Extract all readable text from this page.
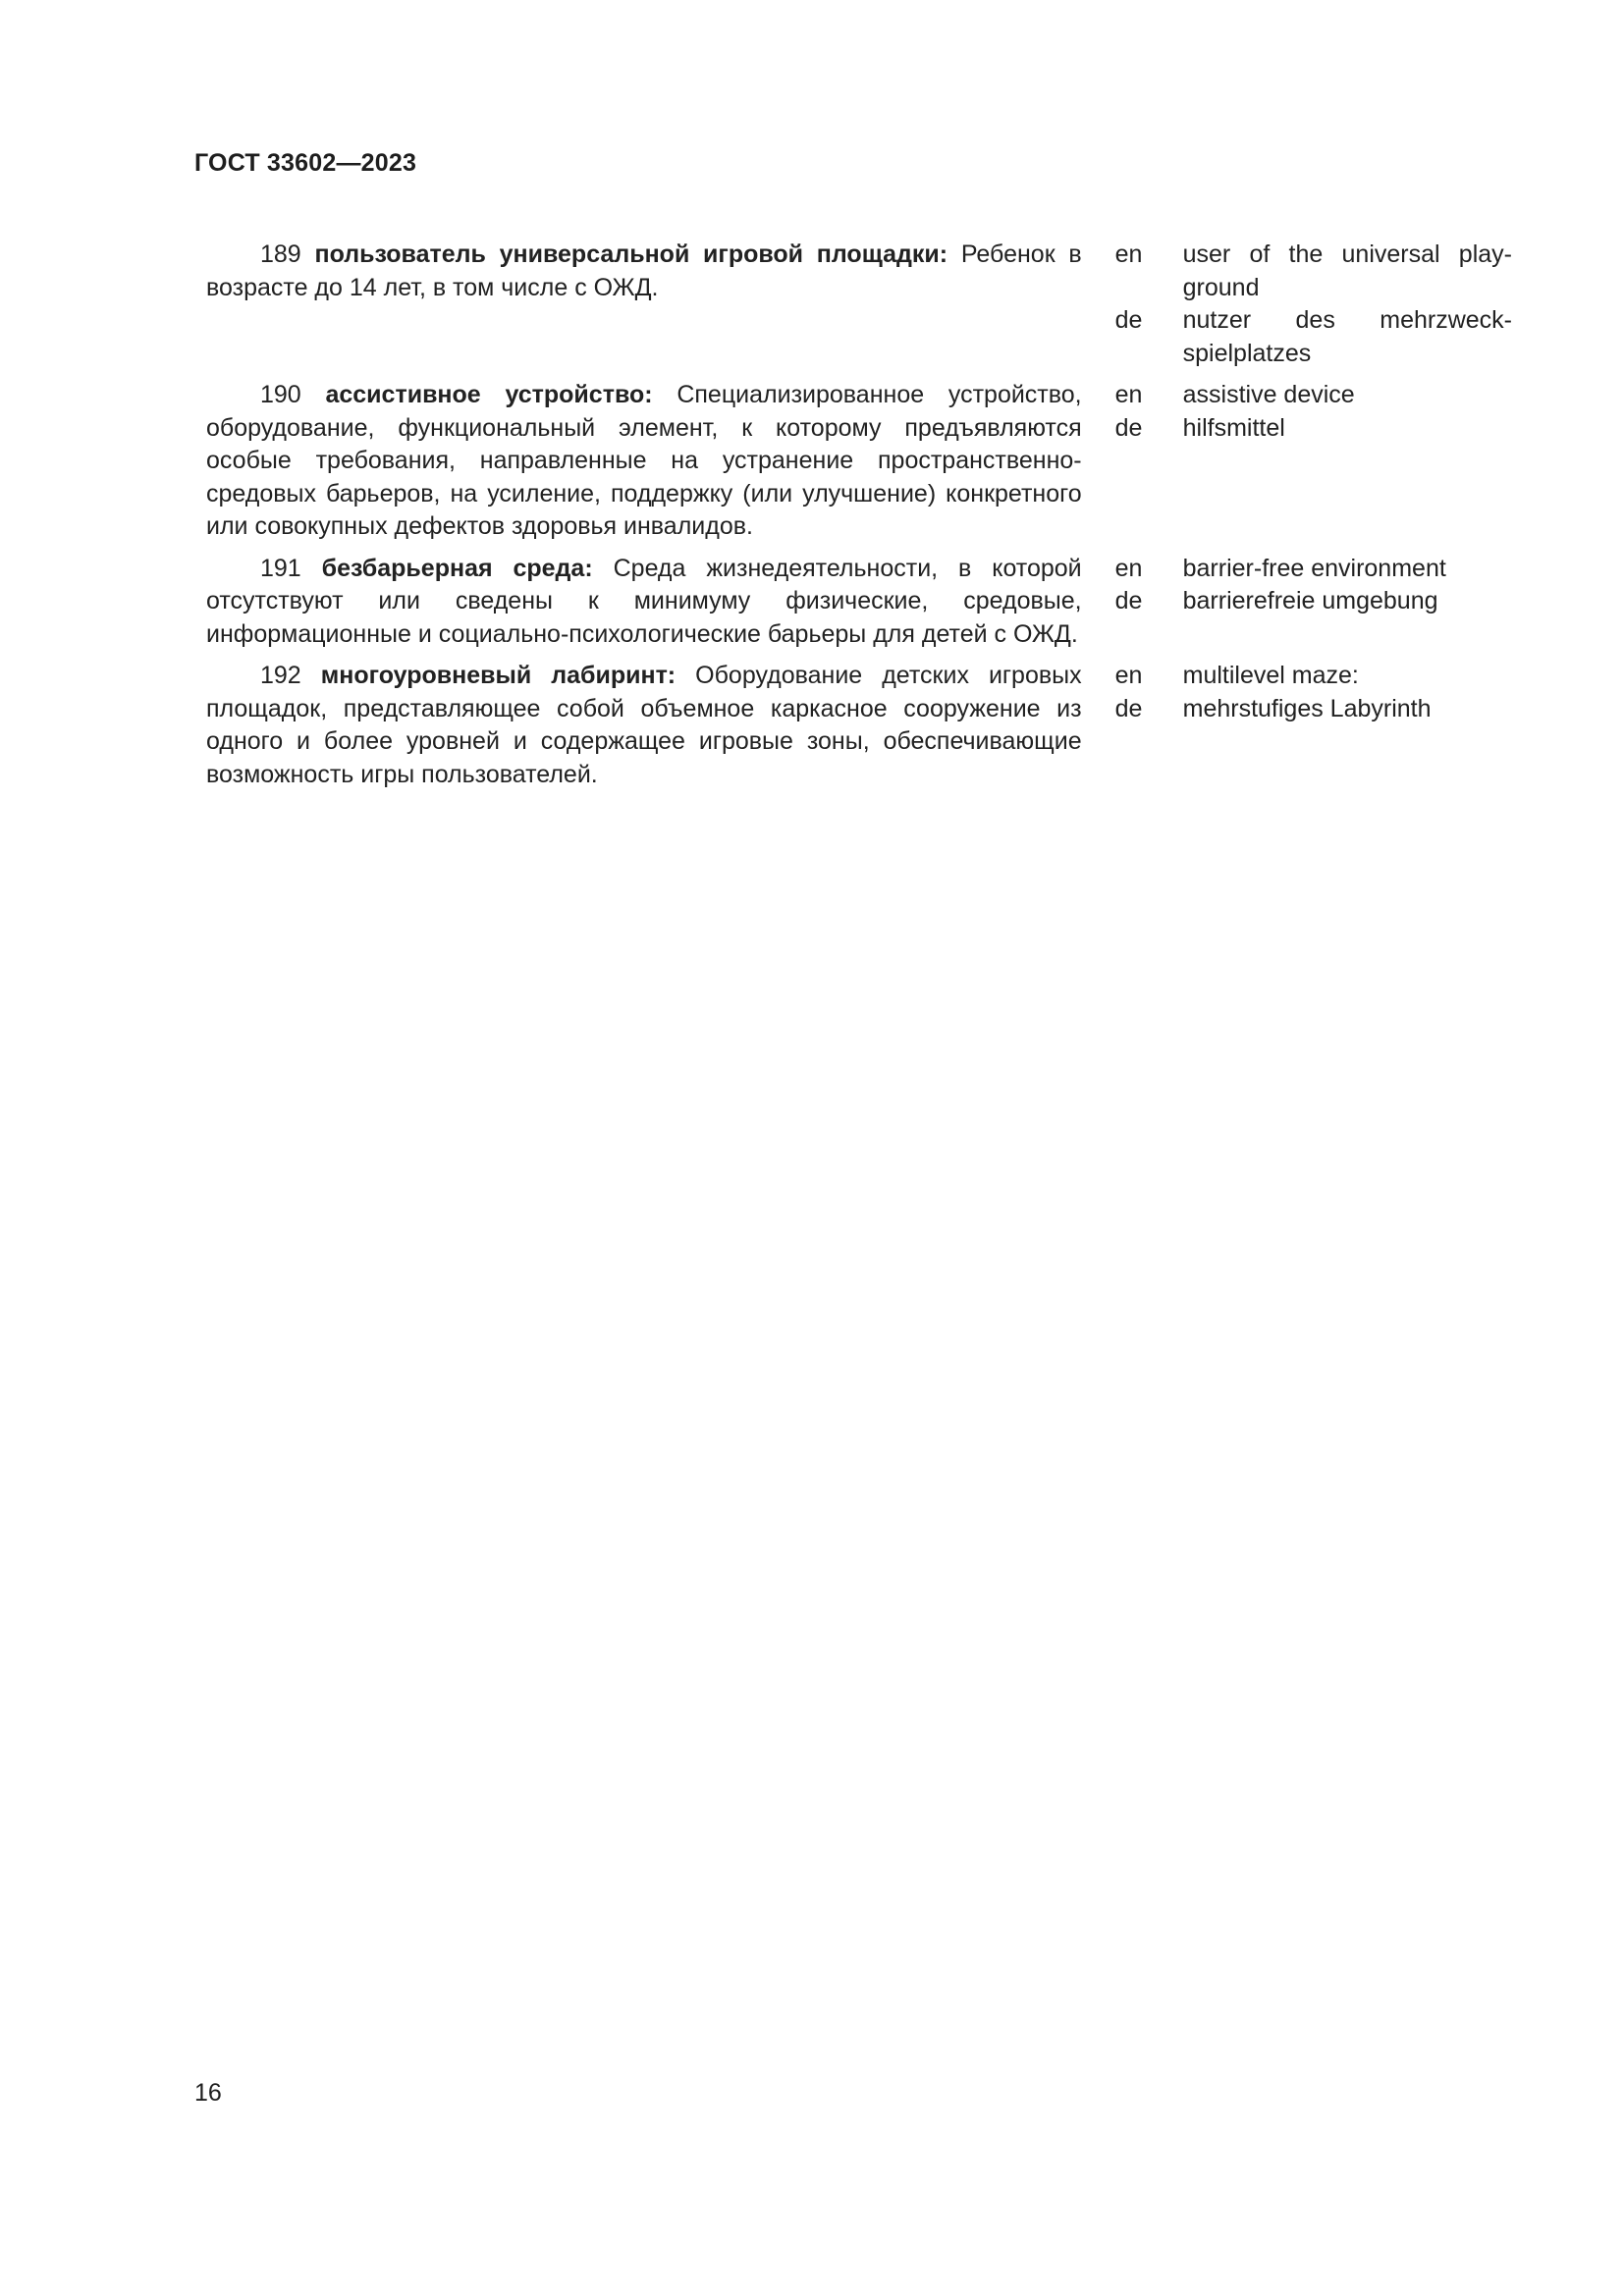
ГОСТ 33602—2023
189 пользователь универсальной игровой площадки: Ребенок в возрасте до 14 лет, в том числе с ОЖД.
en	user of the universal play-
ground
de	nutzer des mehrzweck-
spielplatzes
190 ассистивное устройство: Специализированное устройство, оборудование, функциональный элемент, к которому предъявляются особые требования, направленные на устранение пространственно-средовых барьеров, на усиление, поддержку (или улучшение) конкретного или совокупных дефектов здоровья инвалидов.
en	assistive device
de	hilfsmittel
191 безбарьерная среда: Среда жизнедеятельности, в которой отсутствуют или сведены к минимуму физические, средовые, информационные и социально-психологические барьеры для детей с ОЖД.
en	barrier-free environment
de	barrierefreie umgebung
192 многоуровневый лабиринт: Оборудование детских игровых площадок, представляющее собой объемное каркасное сооружение из одного и более уровней и содержащее игровые зоны, обеспечивающие возможность игры пользователей.
en	multilevel maze:
de	mehrstufiges Labyrinth
16
